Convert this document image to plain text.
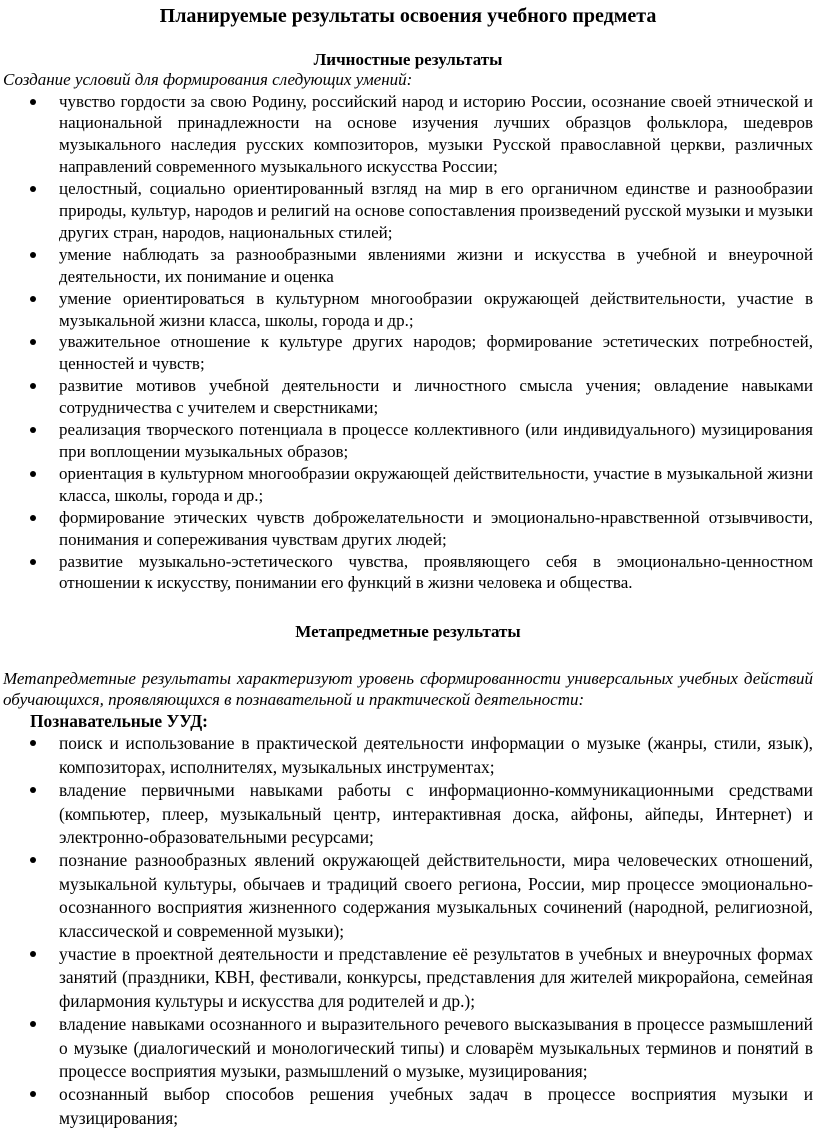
Планируемые результаты освоения учебного предмета
Личностные результаты

Создание условий для формирования следующих умений:

чувство гордости за свою Родину, российский народ и историю России, осознание своей этнической и национальной принадлежности на основе изучения лучших образцов фольклора, шедевров музыкального наследия русских композиторов, музыки Русской православной церкви, различных направлений современного музыкального искусства России;
целостный, социально ориентированный взгляд на мир в его органичном единстве и разнообразии природы, культур, народов и религий на основе сопоставления произведений русской музыки и музыки других стран, народов, национальных стилей;
умение наблюдать за разнообразными явлениями жизни и искусства в учебной и внеурочной деятельности, их понимание и оценка
умение ориентироваться в культурном многообразии окружающей действительности, участие в музыкальной жизни класса, школы, города и др.;
уважительное отношение к культуре других народов; формирование эстетических потребностей, ценностей и чувств;
развитие мотивов учебной деятельности и личностного смысла учения; овладение навыками сотрудничества с учителем и сверстниками;
реализация творческого потенциала в процессе коллективного (или индивидуального) музицирования при воплощении музыкальных образов;
ориентация в культурном многообразии окружающей действительности, участие в музыкальной жизни класса, школы, города и др.;
формирование этических чувств доброжелательности и эмоционально-нравственной отзывчивости, понимания и сопереживания чувствам других людей;
развитие музыкально-эстетического чувства, проявляющего себя в эмоционально-ценностном отношении к искусству, понимании его функций в жизни человека и общества.
Метапредметные результаты

Метапредметные результаты характеризуют уровень сформированности универсальных учебных действий обучающихся, проявляющихся в познавательной и практической деятельности:

Познавательные УУД:

поиск и использование в практической деятельности информации о музыке (жанры, стили, язык), композиторах, исполнителях, музыкальных инструментах;
владение первичными навыками работы с информационно-коммуникационными средствами (компьютер, плеер, музыкальный центр, интерактивная доска, айфоны, айпеды, Интернет) и электронно-образовательными ресурсами;
познание разнообразных явлений окружающей действительности, мира человеческих отношений, музыкальной культуры, обычаев и традиций своего региона, России, мир процессе эмоционально-осознанного восприятия жизненного содержания музыкальных сочинений (народной, религиозной, классической и современной музыки);
участие в проектной деятельности и представление её результатов в учебных и внеурочных формах занятий (праздники, КВН, фестивали, конкурсы, представления для жителей микрорайона, семейная филармония культуры и искусства для родителей и др.);
владение навыками осознанного и выразительного речевого высказывания в процессе размышлений о музыке (диалогический и монологический типы) и словарём музыкальных терминов и понятий в процессе восприятия музыки, размышлений о музыке, музицирования;
осознанный выбор способов решения учебных задач в процессе восприятия музыки и музицирования;
